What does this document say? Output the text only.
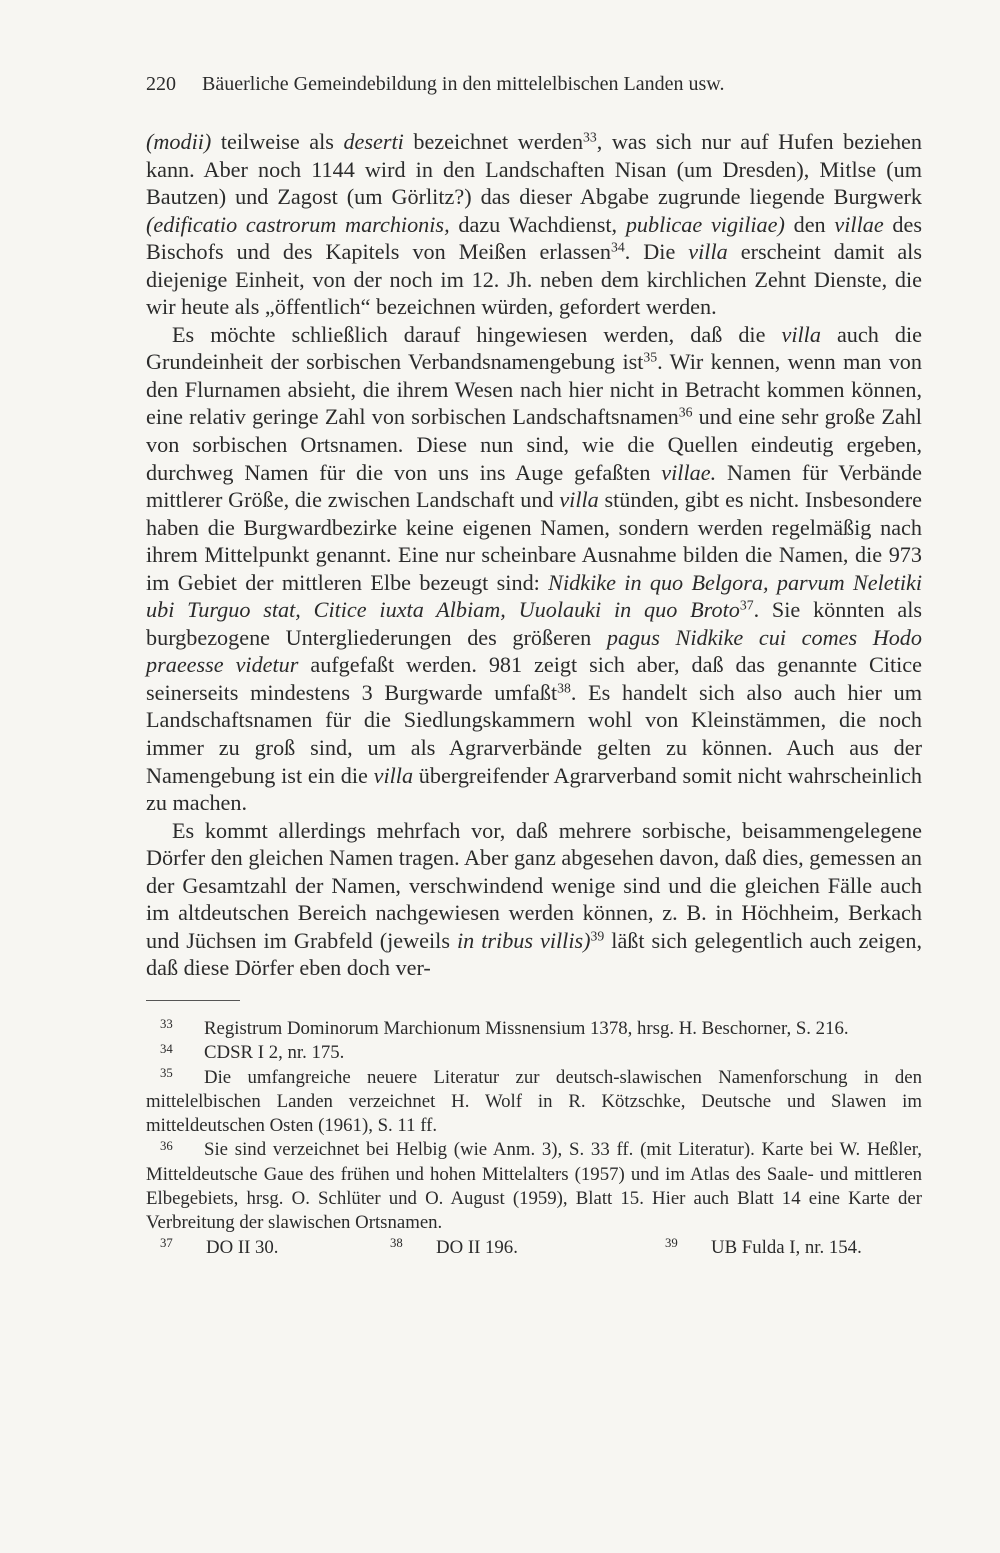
220 Bäuerliche Gemeindebildung in den mittelelbischen Landen usw.

(modii) teilweise als deserti bezeichnet werden$^{33}$, was sich nur auf Hufen beziehen kann. Aber noch 1144 wird in den Landschaften Nisan (um Dresden), Mitlse (um Bautzen) und Zagost (um Görlitz?) das dieser Abgabe zugrunde liegende Burgwerk (edificatio castrorum marchionis, dazu Wachdienst, publicae vigiliae) den villae des Bischofs und des Kapitels von Meißen erlassen$^{34}$. Die villa erscheint damit als diejenige Einheit, von der noch im 12. Jh. neben dem kirchlichen Zehnt Dienste, die wir heute als „öffentlich“ bezeichnen würden, gefordert werden.

Es möchte schließlich darauf hingewiesen werden, daß die villa auch die Grundeinheit der sorbischen Verbandsnamengebung ist$^{35}$. Wir kennen, wenn man von den Flurnamen absieht, die ihrem Wesen nach hier nicht in Betracht kommen können, eine relativ geringe Zahl von sorbischen Landschaftsnamen$^{36}$ und eine sehr große Zahl von sorbischen Ortsnamen. Diese nun sind, wie die Quellen eindeutig ergeben, durchweg Namen für die von uns ins Auge gefaßten villae. Namen für Verbände mittlerer Größe, die zwischen Landschaft und villa stünden, gibt es nicht. Insbesondere haben die Burgwardbezirke keine eigenen Namen, sondern werden regelmäßig nach ihrem Mittelpunkt genannt. Eine nur scheinbare Ausnahme bilden die Namen, die 973 im Gebiet der mittleren Elbe bezeugt sind: Nidkike in quo Belgora, parvum Neletiki ubi Turguo stat, Citice iuxta Albiam, Uuolauki in quo Broto$^{37}$. Sie könnten als burgbezogene Untergliederungen des größeren pagus Nidkike cui comes Hodo praeesse videtur aufgefaßt werden. 981 zeigt sich aber, daß das genannte Citice seinerseits mindestens 3 Burgwarde umfaßt$^{38}$. Es handelt sich also auch hier um Landschaftsnamen für die Siedlungskammern wohl von Kleinstämmen, die noch immer zu groß sind, um als Agrarverbände gelten zu können. Auch aus der Namengebung ist ein die villa übergreifender Agrarverband somit nicht wahrscheinlich zu machen.

Es kommt allerdings mehrfach vor, daß mehrere sorbische, beisammengelegene Dörfer den gleichen Namen tragen. Aber ganz abgesehen davon, daß dies, gemessen an der Gesamtzahl der Namen, verschwindend wenige sind und die gleichen Fälle auch im altdeutschen Bereich nachgewiesen werden können, z. B. in Höchheim, Berkach und Jüchsen im Grabfeld (jeweils in tribus villis)$^{39}$ läßt sich gelegentlich auch zeigen, daß diese Dörfer eben doch ver-

33 Registrum Dominorum Marchionum Missnensium 1378, hrsg. H. Beschorner, S. 216.

34 CDSR I 2, nr. 175.

35 Die umfangreiche neuere Literatur zur deutsch-slawischen Namenforschung in den mittelelbischen Landen verzeichnet H. Wolf in R. Kötzschke, Deutsche und Slawen im mitteldeutschen Osten (1961), S. 11 ff.

36 Sie sind verzeichnet bei Helbig (wie Anm. 3), S. 33 ff. (mit Literatur). Karte bei W. Heßler, Mitteldeutsche Gaue des frühen und hohen Mittelalters (1957) und im Atlas des Saale- und mittleren Elbegebiets, hrsg. O. Schlüter und O. August (1959), Blatt 15. Hier auch Blatt 14 eine Karte der Verbreitung der slawischen Ortsnamen.

37 DO II 30.	38 DO II 196.	39 UB Fulda I, nr. 154.
